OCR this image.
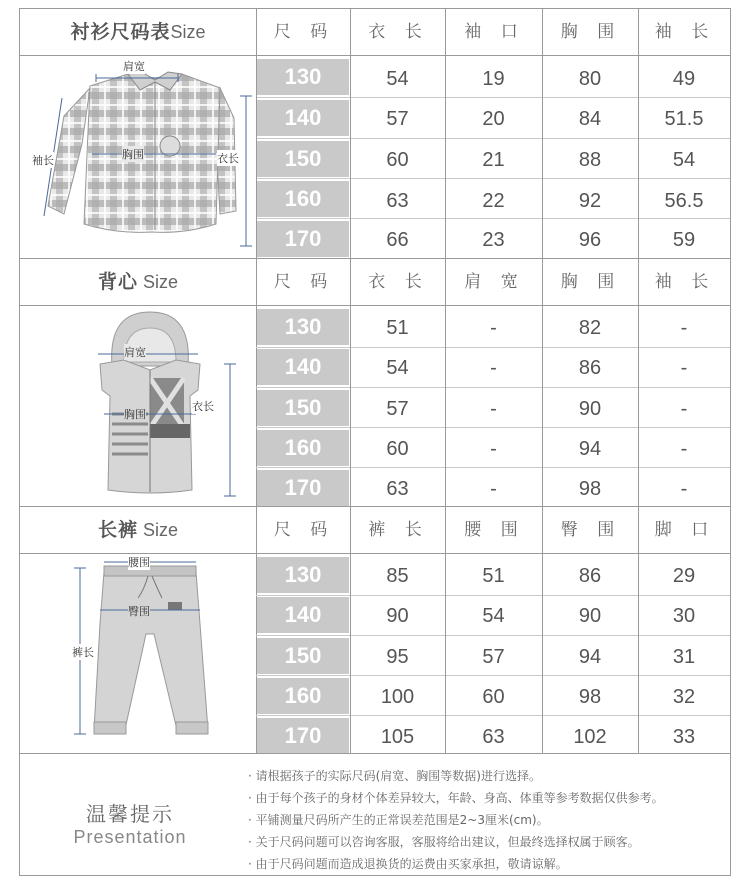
衬衫尺码表Size	尺 码	衣 长	袖 口	胸 围	袖 长
肩宽
胸围
袖长	衣长
130	54	19	80	49
140	57	20	84	51.5
150	60	21	88	54
160	63	22	92	56.5
170	66	23	96	59
背心 Size	尺 码	衣 长	肩 宽	胸 围	袖 长
肩宽
胸围
衣长
130	51	-	82	-
140	54	-	86	-
150	57	-	90	-
160	60	-	94	-
170	63	-	98	-
长裤 Size	尺 码	裤 长	腰 围	臀 围	脚 口
腰围
臀围
裤长
130	85	51	86	29
140	90	54	90	30
150	95	57	94	31
160	100	60	98	32
170	105	63	102	33
温馨提示
Presentation
· 请根据孩子的实际尺码(肩宽、胸围等数据)进行选择。
· 由于每个孩子的身材个体差异较大，年龄、身高、体重等参考数据仅供参考。
· 平铺测量尺码所产生的正常误差范围是2~3厘米(cm)。
· 关于尺码问题可以咨询客服，客服将给出建议，但最终选择权属于顾客。
· 由于尺码问题而造成退换货的运费由买家承担，敬请谅解。
